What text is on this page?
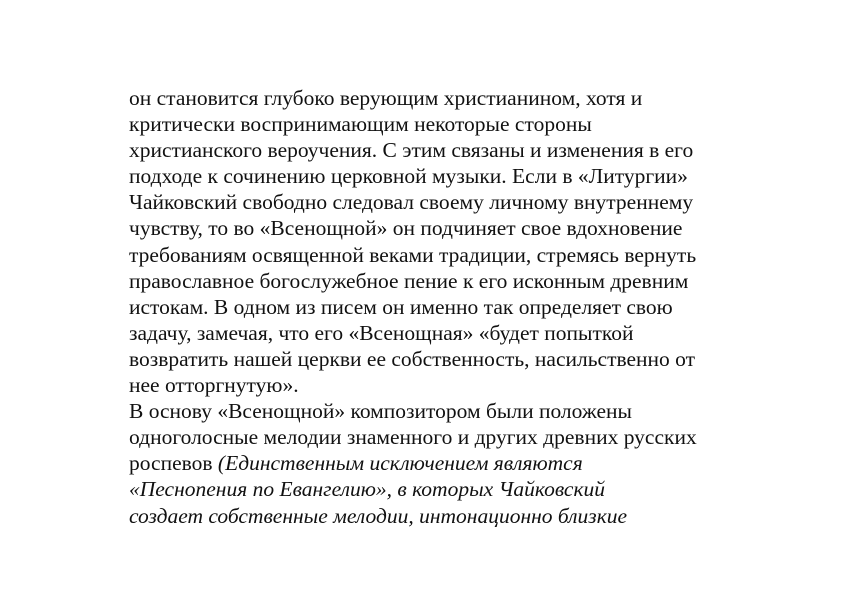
он становится глубоко верующим христианином, хотя и
критически воспринимающим некоторые стороны
христианского вероучения. С этим связаны и изменения в его
подходе к сочинению церковной музыки. Если в «Литургии»
Чайковский свободно следовал своему личному внутреннему
чувству, то во «Всенощной» он подчиняет свое вдохновение
требованиям освященной веками традиции, стремясь вернуть
православное богослужебное пение к его исконным древним
истокам. В одном из писем он именно так определяет свою
задачу, замечая, что его «Всенощная» «будет попыткой
возвратить нашей церкви ее собственность, насильственно от
нее отторгнутую».
В основу «Всенощной» композитором были положены
одноголосные мелодии знаменного и других древних русских
роспевов (Единственным исключением являются
«Песнопения по Евангелию», в которых Чайковский
создает собственные мелодии, интонационно близкие
